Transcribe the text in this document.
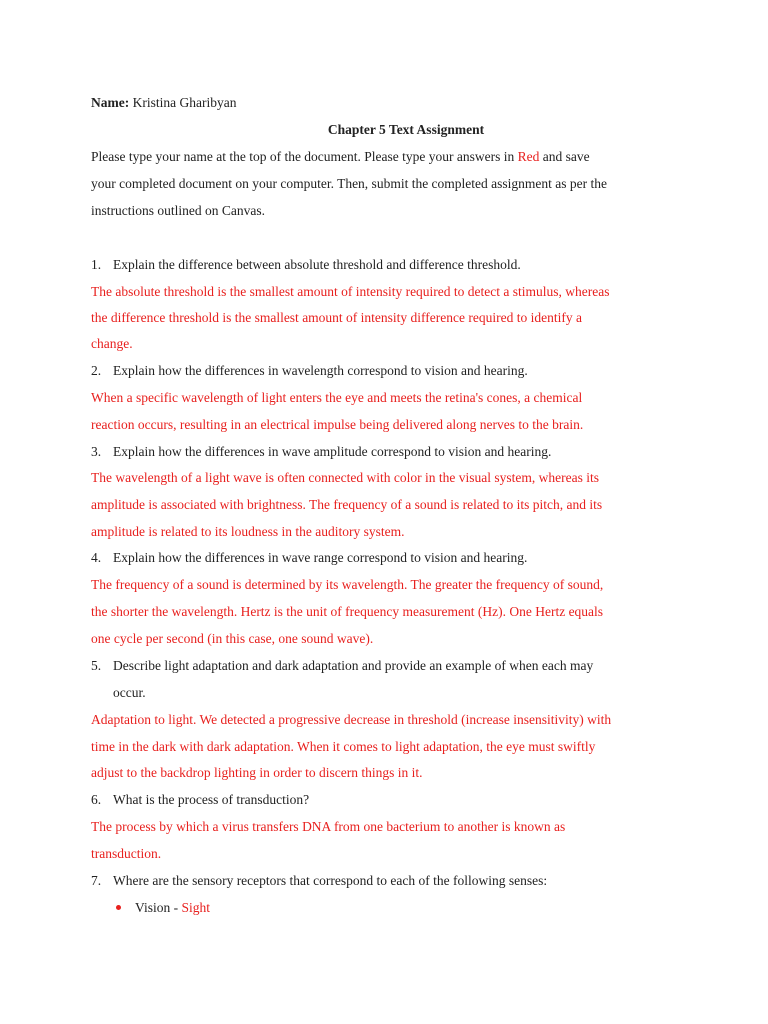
Name: Kristina Gharibyan
Chapter 5 Text Assignment
Please type your name at the top of the document. Please type your answers in Red and save
your completed document on your computer. Then, submit the completed assignment as per the
instructions outlined on Canvas.
1. Explain the difference between absolute threshold and difference threshold.
The absolute threshold is the smallest amount of intensity required to detect a stimulus, whereas
the difference threshold is the smallest amount of intensity difference required to identify a
change.
2. Explain how the differences in wavelength correspond to vision and hearing.
When a specific wavelength of light enters the eye and meets the retina's cones, a chemical
reaction occurs, resulting in an electrical impulse being delivered along nerves to the brain.
3. Explain how the differences in wave amplitude correspond to vision and hearing.
The wavelength of a light wave is often connected with color in the visual system, whereas its
amplitude is associated with brightness. The frequency of a sound is related to its pitch, and its
amplitude is related to its loudness in the auditory system.
4. Explain how the differences in wave range correspond to vision and hearing.
The frequency of a sound is determined by its wavelength. The greater the frequency of sound,
the shorter the wavelength. Hertz is the unit of frequency measurement (Hz). One Hertz equals
one cycle per second (in this case, one sound wave).
5. Describe light adaptation and dark adaptation and provide an example of when each may
occur.
Adaptation to light. We detected a progressive decrease in threshold (increase insensitivity) with
time in the dark with dark adaptation. When it comes to light adaptation, the eye must swiftly
adjust to the backdrop lighting in order to discern things in it.
6. What is the process of transduction?
The process by which a virus transfers DNA from one bacterium to another is known as
transduction.
7. Where are the sensory receptors that correspond to each of the following senses:
Vision - Sight
